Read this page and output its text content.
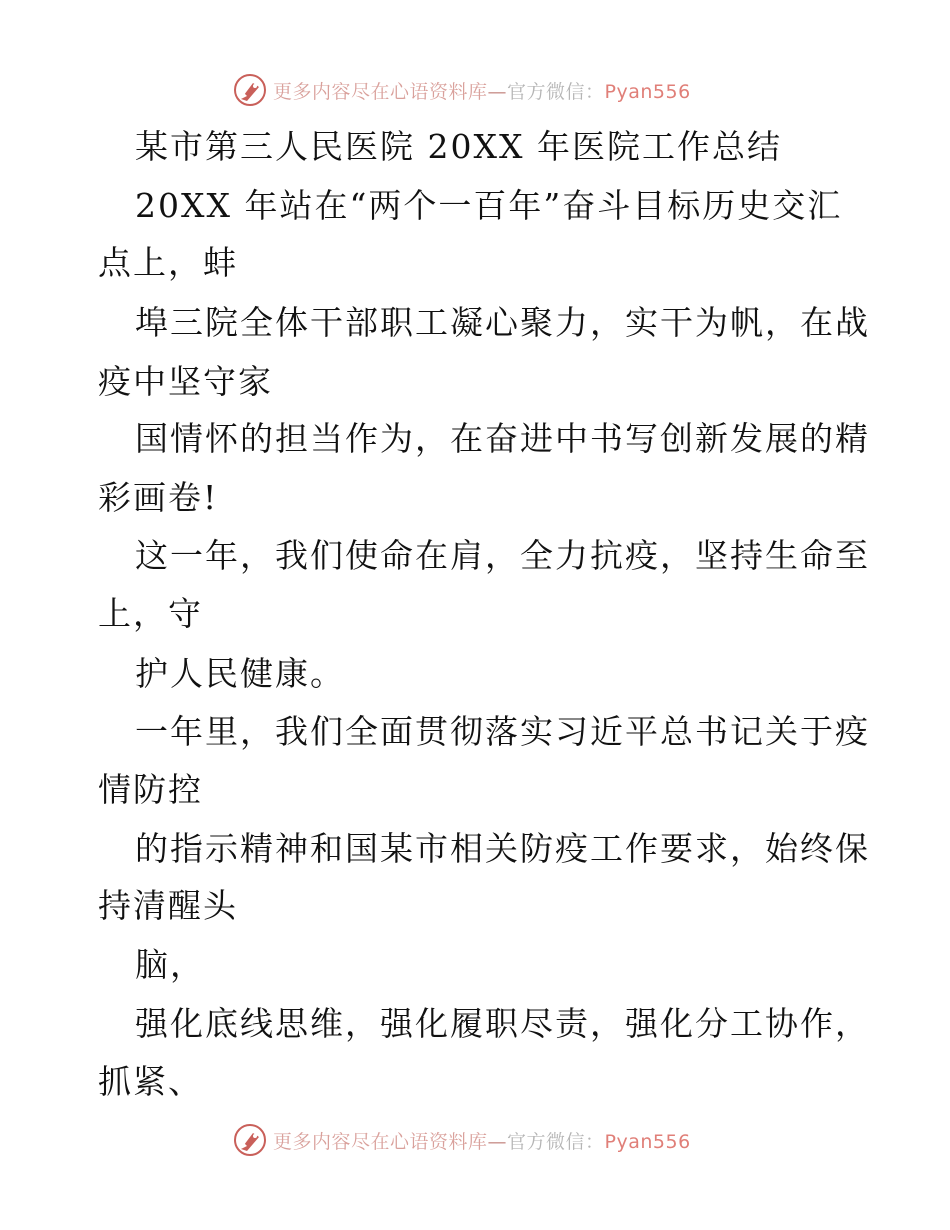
更多内容尽在心语资料库—官方微信：Pyan556
某市第三人民医院 20XX 年医院工作总结
20XX 年站在“两个一百年”奋斗目标历史交汇
点上，蚌
埠三院全体干部职工凝心聚力，实干为帆，在战
疫中坚守家
国情怀的担当作为，在奋进中书写创新发展的精
彩画卷!
这一年，我们使命在肩，全力抗疫，坚持生命至
上，守
护人民健康。
一年里，我们全面贯彻落实习近平总书记关于疫
情防控
的指示精神和国某市相关防疫工作要求，始终保
持清醒头
脑，
强化底线思维，强化履职尽责，强化分工协作，
抓紧、
更多内容尽在心语资料库—官方微信：Pyan556
